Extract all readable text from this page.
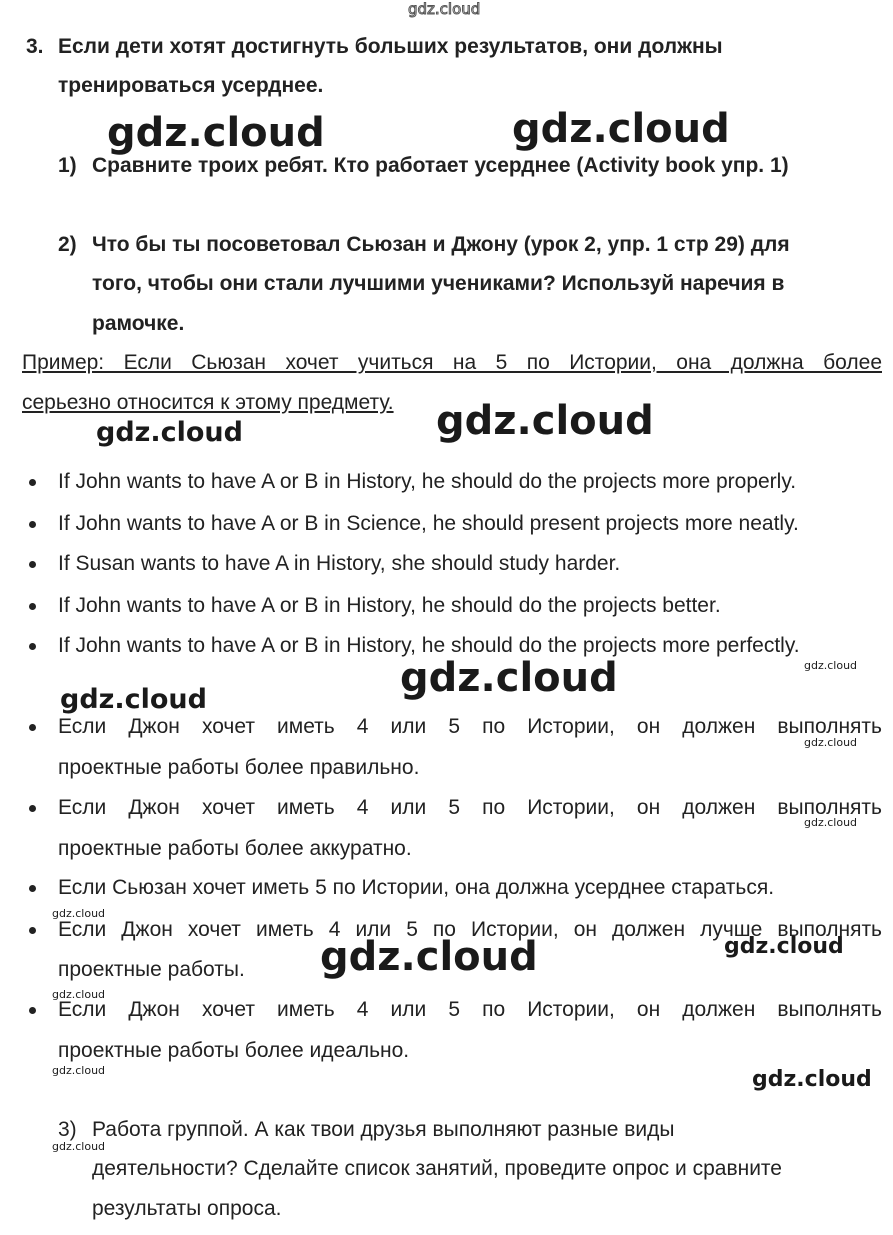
gdz.cloud
3. Если дети хотят достигнуть больших результатов, они должны
тренироваться усерднее.
1) Сравните троих ребят. Кто работает усерднее (Activity book упр. 1)
2) Что бы ты посоветовал Сьюзан и Джону (урок 2, упр. 1 стр 29) для
того, чтобы они стали лучшими учениками? Используй наречия в
рамочке.
Пример: Если Сьюзан хочет учиться на 5 по Истории, она должна более
серьезно относится к этому предмету.
If John wants to have A or B in History, he should do the projects more properly.
If John wants to have A or B in Science, he should present projects more neatly.
If Susan wants to have A in History, she should study harder.
If John wants to have A or B in History, he should do the projects better.
If John wants to have A or B in History, he should do the projects more perfectly.
Если Джон хочет иметь 4 или 5 по Истории, он должен выполнять
проектные работы более правильно.
Если Джон хочет иметь 4 или 5 по Истории, он должен выполнять
проектные работы более аккуратно.
Если Сьюзан хочет иметь 5 по Истории, она должна усерднее стараться.
Если Джон хочет иметь 4 или 5 по Истории, он должен лучше выполнять
проектные работы.
Если Джон хочет иметь 4 или 5 по Истории, он должен выполнять
проектные работы более идеально.
3) Работа группой. А как твои друзья выполняют разные виды
деятельности? Сделайте список занятий, проведите опрос и сравните
результаты опроса.
gdz.cloud	gdz.cloud
gdz.cloud	gdz.cloud
gdz.cloud
gdz.cloud	gdz.cloud
gdz.cloud
gdz.cloud
gdz.cloud
gdz.cloud
gdz.cloud
gdz.cloud
gdz.cloud	gdz.cloud
gdz.cloud
